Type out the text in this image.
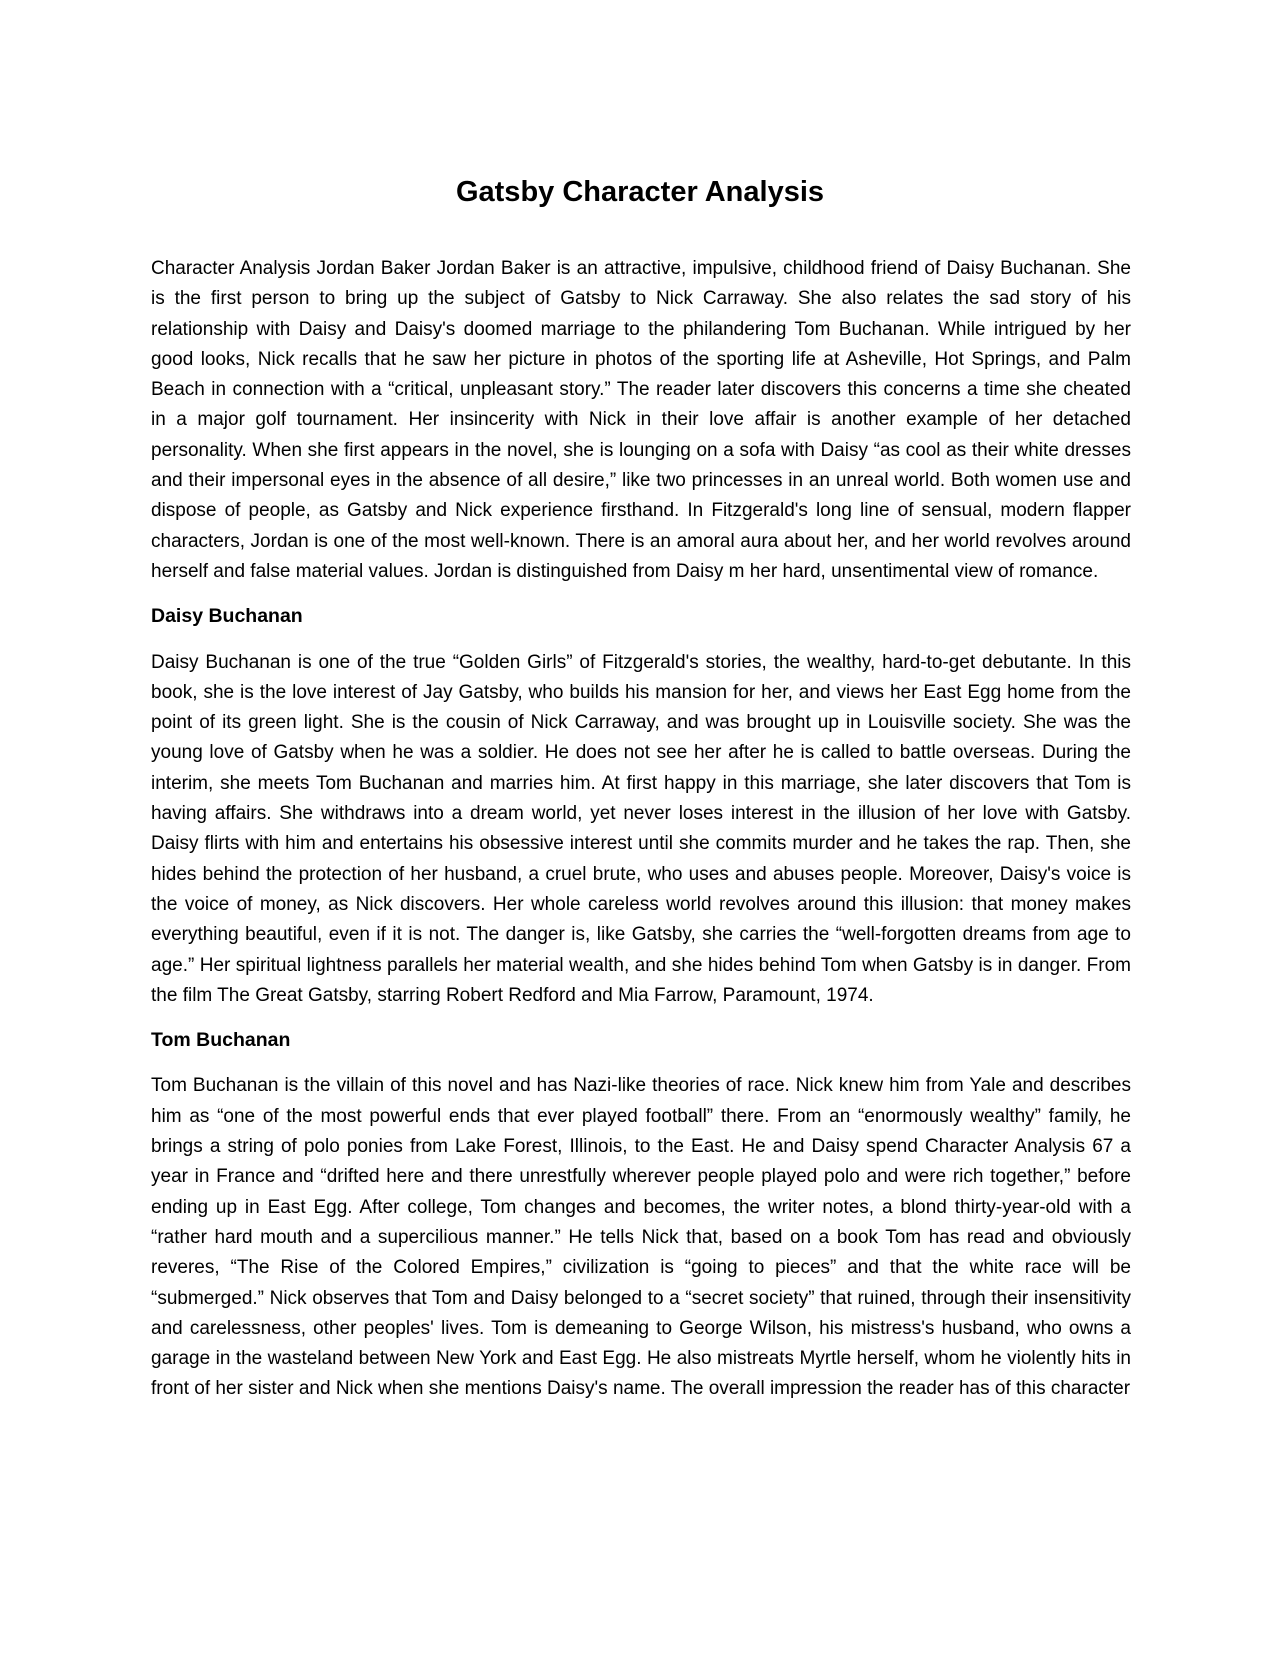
Gatsby Character Analysis

Character Analysis Jordan Baker Jordan Baker is an attractive, impulsive, childhood friend of Daisy Buchanan. She is the first person to bring up the subject of Gatsby to Nick Carraway. She also relates the sad story of his relationship with Daisy and Daisy's doomed marriage to the philandering Tom Buchanan. While intrigued by her good looks, Nick recalls that he saw her picture in photos of the sporting life at Asheville, Hot Springs, and Palm Beach in connection with a “critical, unpleasant story.” The reader later discovers this concerns a time she cheated in a major golf tournament. Her insincerity with Nick in their love affair is another example of her detached personality. When she first appears in the novel, she is lounging on a sofa with Daisy “as cool as their white dresses and their impersonal eyes in the absence of all desire,” like two princesses in an unreal world. Both women use and dispose of people, as Gatsby and Nick experience firsthand. In Fitzgerald's long line of sensual, modern flapper characters, Jordan is one of the most well-known. There is an amoral aura about her, and her world revolves around herself and false material values. Jordan is distinguished from Daisy m her hard, unsentimental view of romance.

Daisy Buchanan

Daisy Buchanan is one of the true “Golden Girls” of Fitzgerald's stories, the wealthy, hard-to-get debutante. In this book, she is the love interest of Jay Gatsby, who builds his mansion for her, and views her East Egg home from the point of its green light. She is the cousin of Nick Carraway, and was brought up in Louisville society. She was the young love of Gatsby when he was a soldier. He does not see her after he is called to battle overseas. During the interim, she meets Tom Buchanan and marries him. At first happy in this marriage, she later discovers that Tom is having affairs. She withdraws into a dream world, yet never loses interest in the illusion of her love with Gatsby. Daisy flirts with him and entertains his obsessive interest until she commits murder and he takes the rap. Then, she hides behind the protection of her husband, a cruel brute, who uses and abuses people. Moreover, Daisy's voice is the voice of money, as Nick discovers. Her whole careless world revolves around this illusion: that money makes everything beautiful, even if it is not. The danger is, like Gatsby, she carries the “well-forgotten dreams from age to age.” Her spiritual lightness parallels her material wealth, and she hides behind Tom when Gatsby is in danger. From the film The Great Gatsby, starring Robert Redford and Mia Farrow, Paramount, 1974.

Tom Buchanan

Tom Buchanan is the villain of this novel and has Nazi-like theories of race. Nick knew him from Yale and describes him as “one of the most powerful ends that ever played football” there. From an “enormously wealthy” family, he brings a string of polo ponies from Lake Forest, Illinois, to the East. He and Daisy spend Character Analysis 67 a year in France and “drifted here and there unrestfully wherever people played polo and were rich together,” before ending up in East Egg. After college, Tom changes and becomes, the writer notes, a blond thirty-year-old with a “rather hard mouth and a supercilious manner.” He tells Nick that, based on a book Tom has read and obviously reveres, “The Rise of the Colored Empires,” civilization is “going to pieces” and that the white race will be “submerged.” Nick observes that Tom and Daisy belonged to a “secret society” that ruined, through their insensitivity and carelessness, other peoples' lives. Tom is demeaning to George Wilson, his mistress's husband, who owns a garage in the wasteland between New York and East Egg. He also mistreats Myrtle herself, whom he violently hits in front of her sister and Nick when she mentions Daisy's name. The overall impression the reader has of this character
